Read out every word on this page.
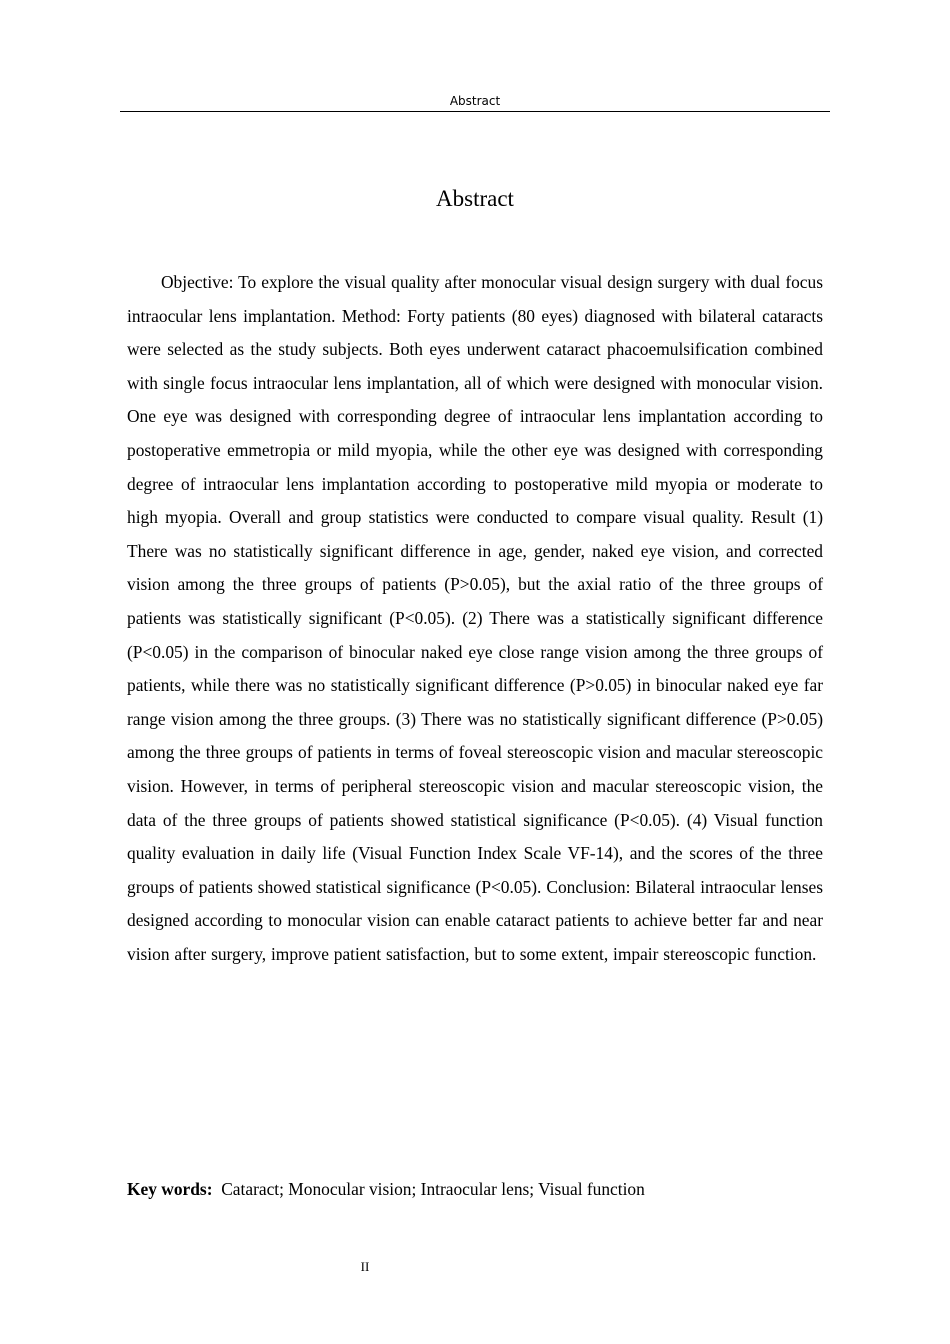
Abstract
Abstract

Objective: To explore the visual quality after monocular visual design surgery with dual focus intraocular lens implantation. Method: Forty patients (80 eyes) diagnosed with bilateral cataracts were selected as the study subjects. Both eyes underwent cataract phacoemulsification combined with single focus intraocular lens implantation, all of which were designed with monocular vision. One eye was designed with corresponding degree of intraocular lens implantation according to postoperative emmetropia or mild myopia, while the other eye was designed with corresponding degree of intraocular lens implantation according to postoperative mild myopia or moderate to high myopia. Overall and group statistics were conducted to compare visual quality. Result (1) There was no statistically significant difference in age, gender, naked eye vision, and corrected vision among the three groups of patients (P>0.05), but the axial ratio of the three groups of patients was statistically significant (P<0.05). (2) There was a statistically significant difference (P<0.05) in the comparison of binocular naked eye close range vision among the three groups of patients, while there was no statistically significant difference (P>0.05) in binocular naked eye far range vision among the three groups. (3) There was no statistically significant difference (P>0.05) among the three groups of patients in terms of foveal stereoscopic vision and macular stereoscopic vision. However, in terms of peripheral stereoscopic vision and macular stereoscopic vision, the data of the three groups of patients showed statistical significance (P<0.05). (4) Visual function quality evaluation in daily life (Visual Function Index Scale VF-14), and the scores of the three groups of patients showed statistical significance (P<0.05). Conclusion: Bilateral intraocular lenses designed according to monocular vision can enable cataract patients to achieve better far and near vision after surgery, improve patient satisfaction, but to some extent, impair stereoscopic function.

Key words: Cataract; Monocular vision; Intraocular lens; Visual function
II
